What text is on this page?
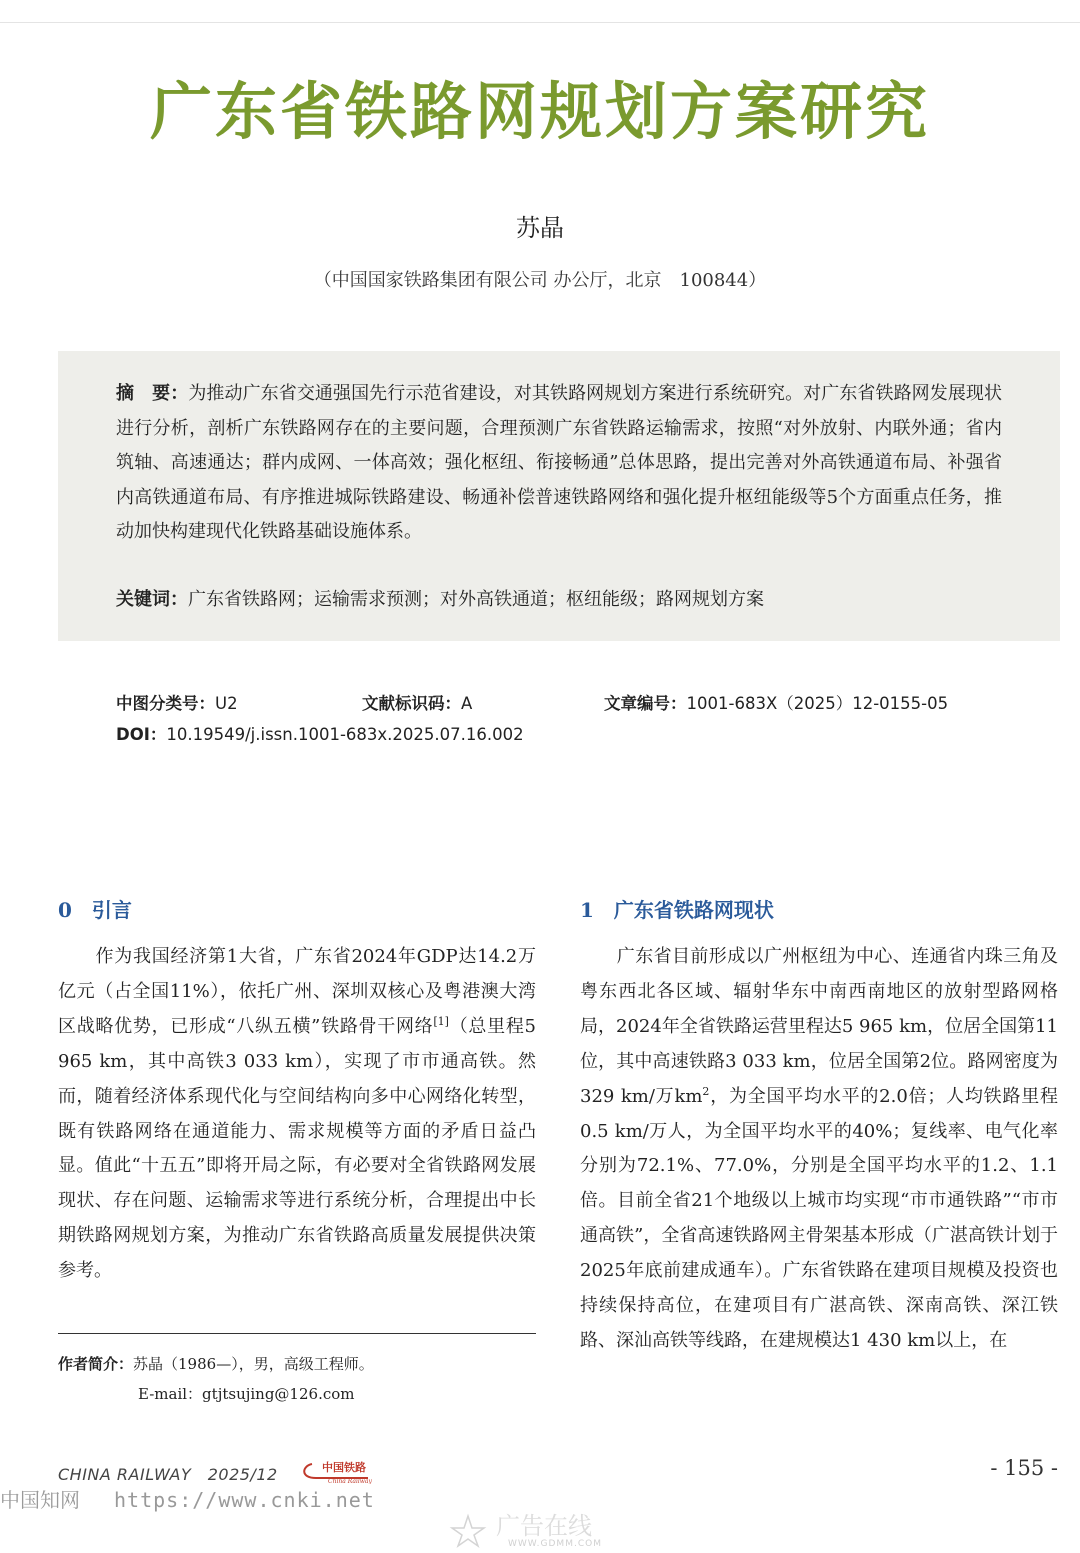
广东省铁路网规划方案研究
苏晶
（中国国家铁路集团有限公司 办公厅，北京　100844）
摘　要：为推动广东省交通强国先行示范省建设，对其铁路网规划方案进行系统研究。对广东省铁路网发展现状进行分析，剖析广东铁路网存在的主要问题，合理预测广东省铁路运输需求，按照“对外放射、内联外通；省内筑轴、高速通达；群内成网、一体高效；强化枢纽、衔接畅通”总体思路，提出完善对外高铁通道布局、补强省内高铁通道布局、有序推进城际铁路建设、畅通补偿普速铁路网络和强化提升枢纽能级等5个方面重点任务，推动加快构建现代化铁路基础设施体系。
关键词：广东省铁路网；运输需求预测；对外高铁通道；枢纽能级；路网规划方案
中图分类号：U2	文献标识码：A	文章编号：1001-683X（2025）12-0155-05
DOI：10.19549/j.issn.1001-683x.2025.07.16.002
0 引言

　　作为我国经济第1大省，广东省2024年GDP达14.2万亿元（占全国11%），依托广州、深圳双核心及粤港澳大湾区战略优势，已形成“八纵五横”铁路骨干网络[1]（总里程5 965 km，其中高铁3 033 km），实现了市市通高铁。然而，随着经济体系现代化与空间结构向多中心网络化转型，既有铁路网络在通道能力、需求规模等方面的矛盾日益凸显。值此“十五五”即将开局之际，有必要对全省铁路网发展现状、存在问题、运输需求等进行系统分析，合理提出中长期铁路网规划方案，为推动广东省铁路高质量发展提供决策参考。

1 广东省铁路网现状

　　广东省目前形成以广州枢纽为中心、连通省内珠三角及粤东西北各区域、辐射华东中南西南地区的放射型路网格局，2024年全省铁路运营里程达5 965 km，位居全国第11位，其中高速铁路3 033 km，位居全国第2位。路网密度为329 km/万$km^2$，为全国平均水平的2.0倍；人均铁路里程0.5 km/万人，为全国平均水平的40%；复线率、电气化率分别为72.1%、77.0%，分别是全国平均水平的1.2、1.1倍。目前全省21个地级以上城市均实现“市市通铁路”“市市通高铁”，全省高速铁路网主骨架基本形成（广湛高铁计划于2025年底前建成通车）。广东省铁路在建项目规模及投资也持续保持高位，在建项目有广湛高铁、深南高铁、深江铁路、深汕高铁等线路，在建规模达1 430 km以上，在

作者简介：苏晶（1986—），男，高级工程师。
E-mail：gtjtsujing@126.com
CHINA RAILWAY　2025/12	中国铁路
China Railway
- 155 -
中国知网 https://www.cnki.net
广告在线
WWW.GDMM.COM
